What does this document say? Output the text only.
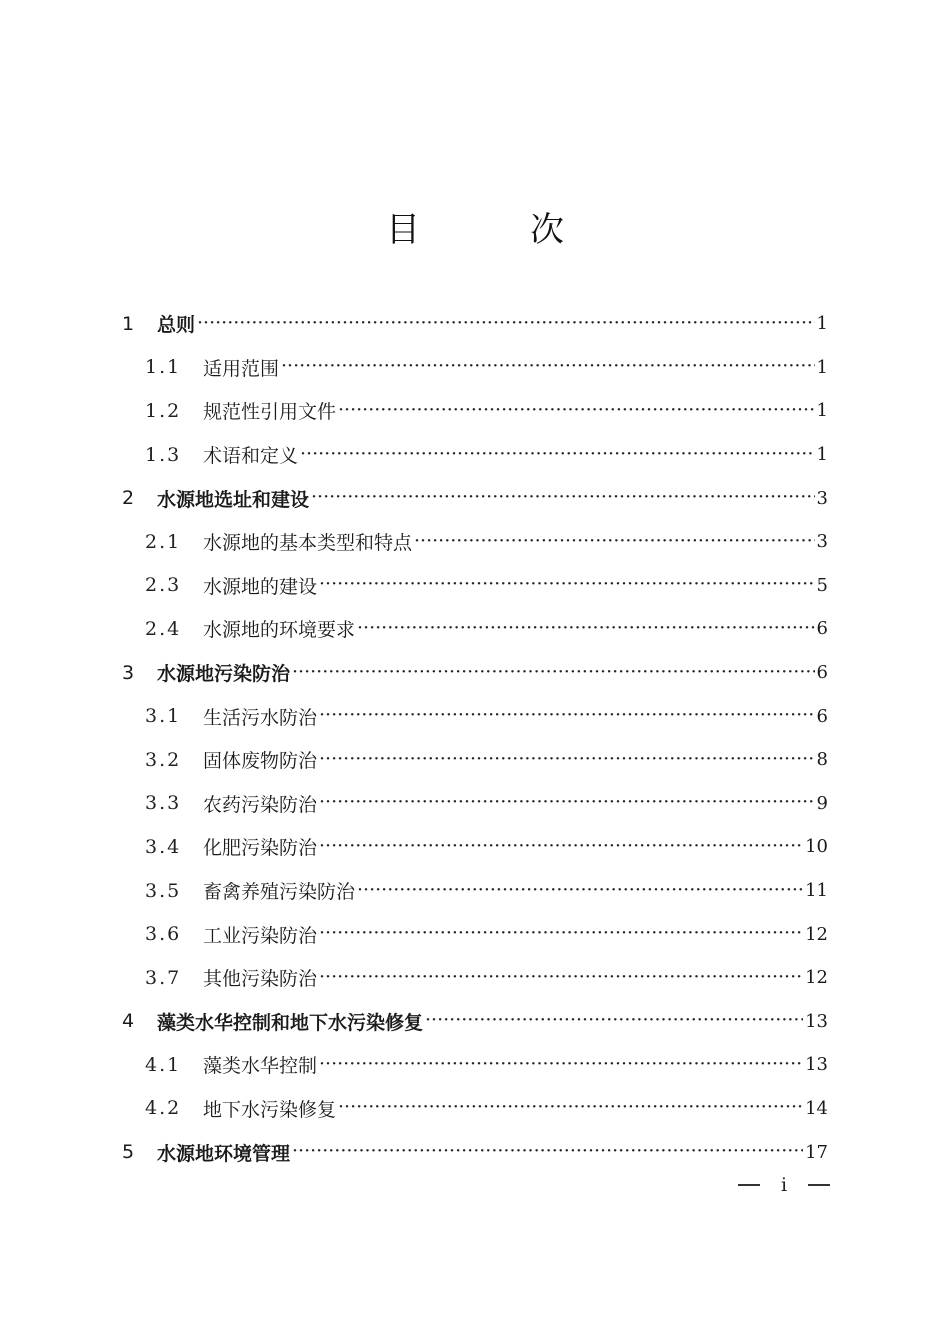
目	次
1	总则 ·····	1
1.1	适用范围 ·····	1
1.2	规范性引用文件 ·····	1
1.3	术语和定义 ·····	1
2	水源地选址和建设 ·····	3
2.1	水源地的基本类型和特点 ·····	3
2.3	水源地的建设 ·····	5
2.4	水源地的环境要求 ·····	6
3	水源地污染防治 ·····	6
3.1	生活污水防治 ·····	6
3.2	固体废物防治 ·····	8
3.3	农药污染防治 ·····	9
3.4	化肥污染防治 ·····	10
3.5	畜禽养殖污染防治 ·····	11
3.6	工业污染防治 ·····	12
3.7	其他污染防治 ·····	12
4	藻类水华控制和地下水污染修复 ·····	13
4.1	藻类水华控制 ·····	13
4.2	地下水污染修复 ·····	14
5	水源地环境管理 ·····	17
i
